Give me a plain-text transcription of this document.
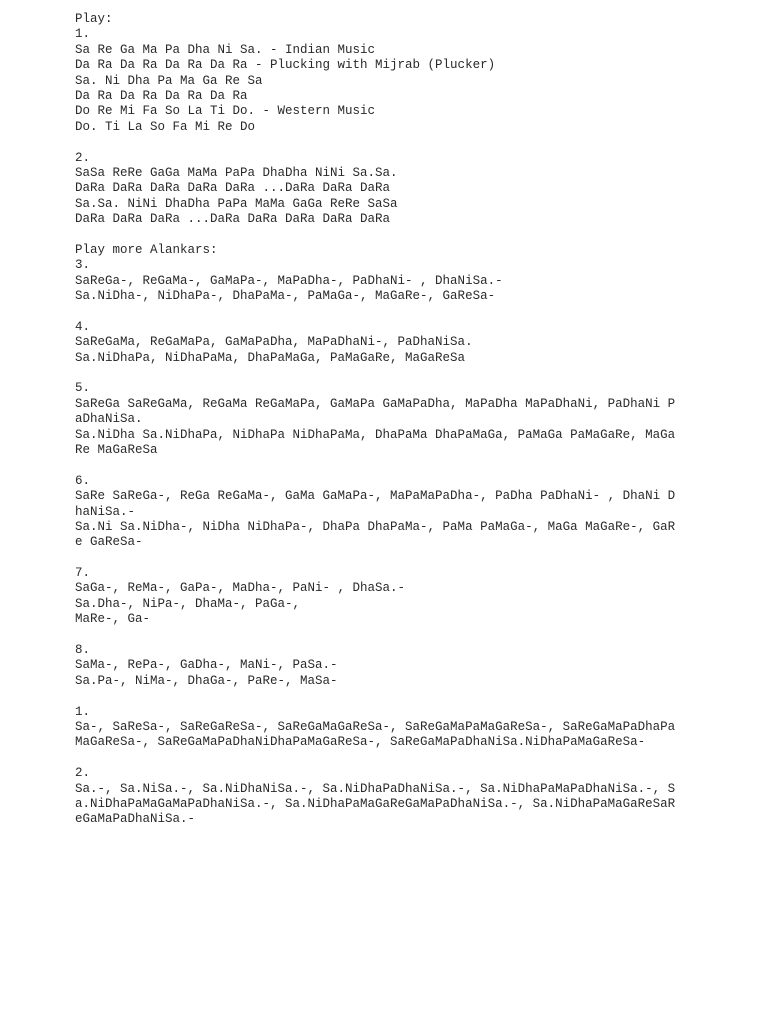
Play:
1.
Sa Re Ga Ma Pa Dha Ni Sa. - Indian Music
Da Ra Da Ra Da Ra Da Ra - Plucking with Mijrab (Plucker)
Sa. Ni Dha Pa Ma Ga Re Sa
Da Ra Da Ra Da Ra Da Ra
Do Re Mi Fa So La Ti Do. - Western Music
Do. Ti La So Fa Mi Re Do
2.
SaSa ReRe GaGa MaMa PaPa DhaDha NiNi Sa.Sa.
DaRa DaRa DaRa DaRa DaRa ...DaRa DaRa DaRa
Sa.Sa. NiNi DhaDha PaPa MaMa GaGa ReRe SaSa
DaRa DaRa DaRa ...DaRa DaRa DaRa DaRa DaRa
Play more Alankars:
3.
SaReGa-, ReGaMa-, GaMaPa-, MaPaDha-, PaDhaNi- , DhaNiSa.-
Sa.NiDha-, NiDhaPa-, DhaPaMa-, PaMaGa-, MaGaRe-, GaReSa-
4.
SaReGaMa, ReGaMaPa, GaMaPaDha, MaPaDhaNi-, PaDhaNiSa.
Sa.NiDhaPa, NiDhaPaMa, DhaPaMaGa, PaMaGaRe, MaGaReSa
5.
SaReGa SaReGaMa, ReGaMa ReGaMaPa, GaMaPa GaMaPaDha, MaPaDha MaPaDhaNi, PaDhaNi P
aDhaNiSa.
Sa.NiDha Sa.NiDhaPa, NiDhaPa NiDhaPaMa, DhaPaMa DhaPaMaGa, PaMaGa PaMaGaRe, MaGa
Re MaGaReSa
6.
SaRe SaReGa-, ReGa ReGaMa-, GaMa GaMaPa-, MaPaMaPaDha-, PaDha PaDhaNi- , DhaNi D
haNiSa.-
Sa.Ni Sa.NiDha-, NiDha NiDhaPa-, DhaPa DhaPaMa-, PaMa PaMaGa-, MaGa MaGaRe-, GaR
e GaReSa-
7.
SaGa-, ReMa-, GaPa-, MaDha-, PaNi- , DhaSa.-
Sa.Dha-, NiPa-, DhaMa-, PaGa-,
MaRe-, Ga-
8.
SaMa-, RePa-, GaDha-, MaNi-, PaSa.-
Sa.Pa-, NiMa-, DhaGa-, PaRe-, MaSa-
1.
Sa-, SaReSa-, SaReGaReSa-, SaReGaMaGaReSa-, SaReGaMaPaMaGaReSa-, SaReGaMaPaDhaPa
MaGaReSa-, SaReGaMaPaDhaNiDhaPaMaGaReSa-, SaReGaMaPaDhaNiSa.NiDhaPaMaGaReSa-
2.
Sa.-, Sa.NiSa.-, Sa.NiDhaNiSa.-, Sa.NiDhaPaDhaNiSa.-, Sa.NiDhaPaMaPaDhaNiSa.-, S
a.NiDhaPaMaGaMaPaDhaNiSa.-, Sa.NiDhaPaMaGaReGaMaPaDhaNiSa.-, Sa.NiDhaPaMaGaReSaR
eGaMaPaDhaNiSa.-
